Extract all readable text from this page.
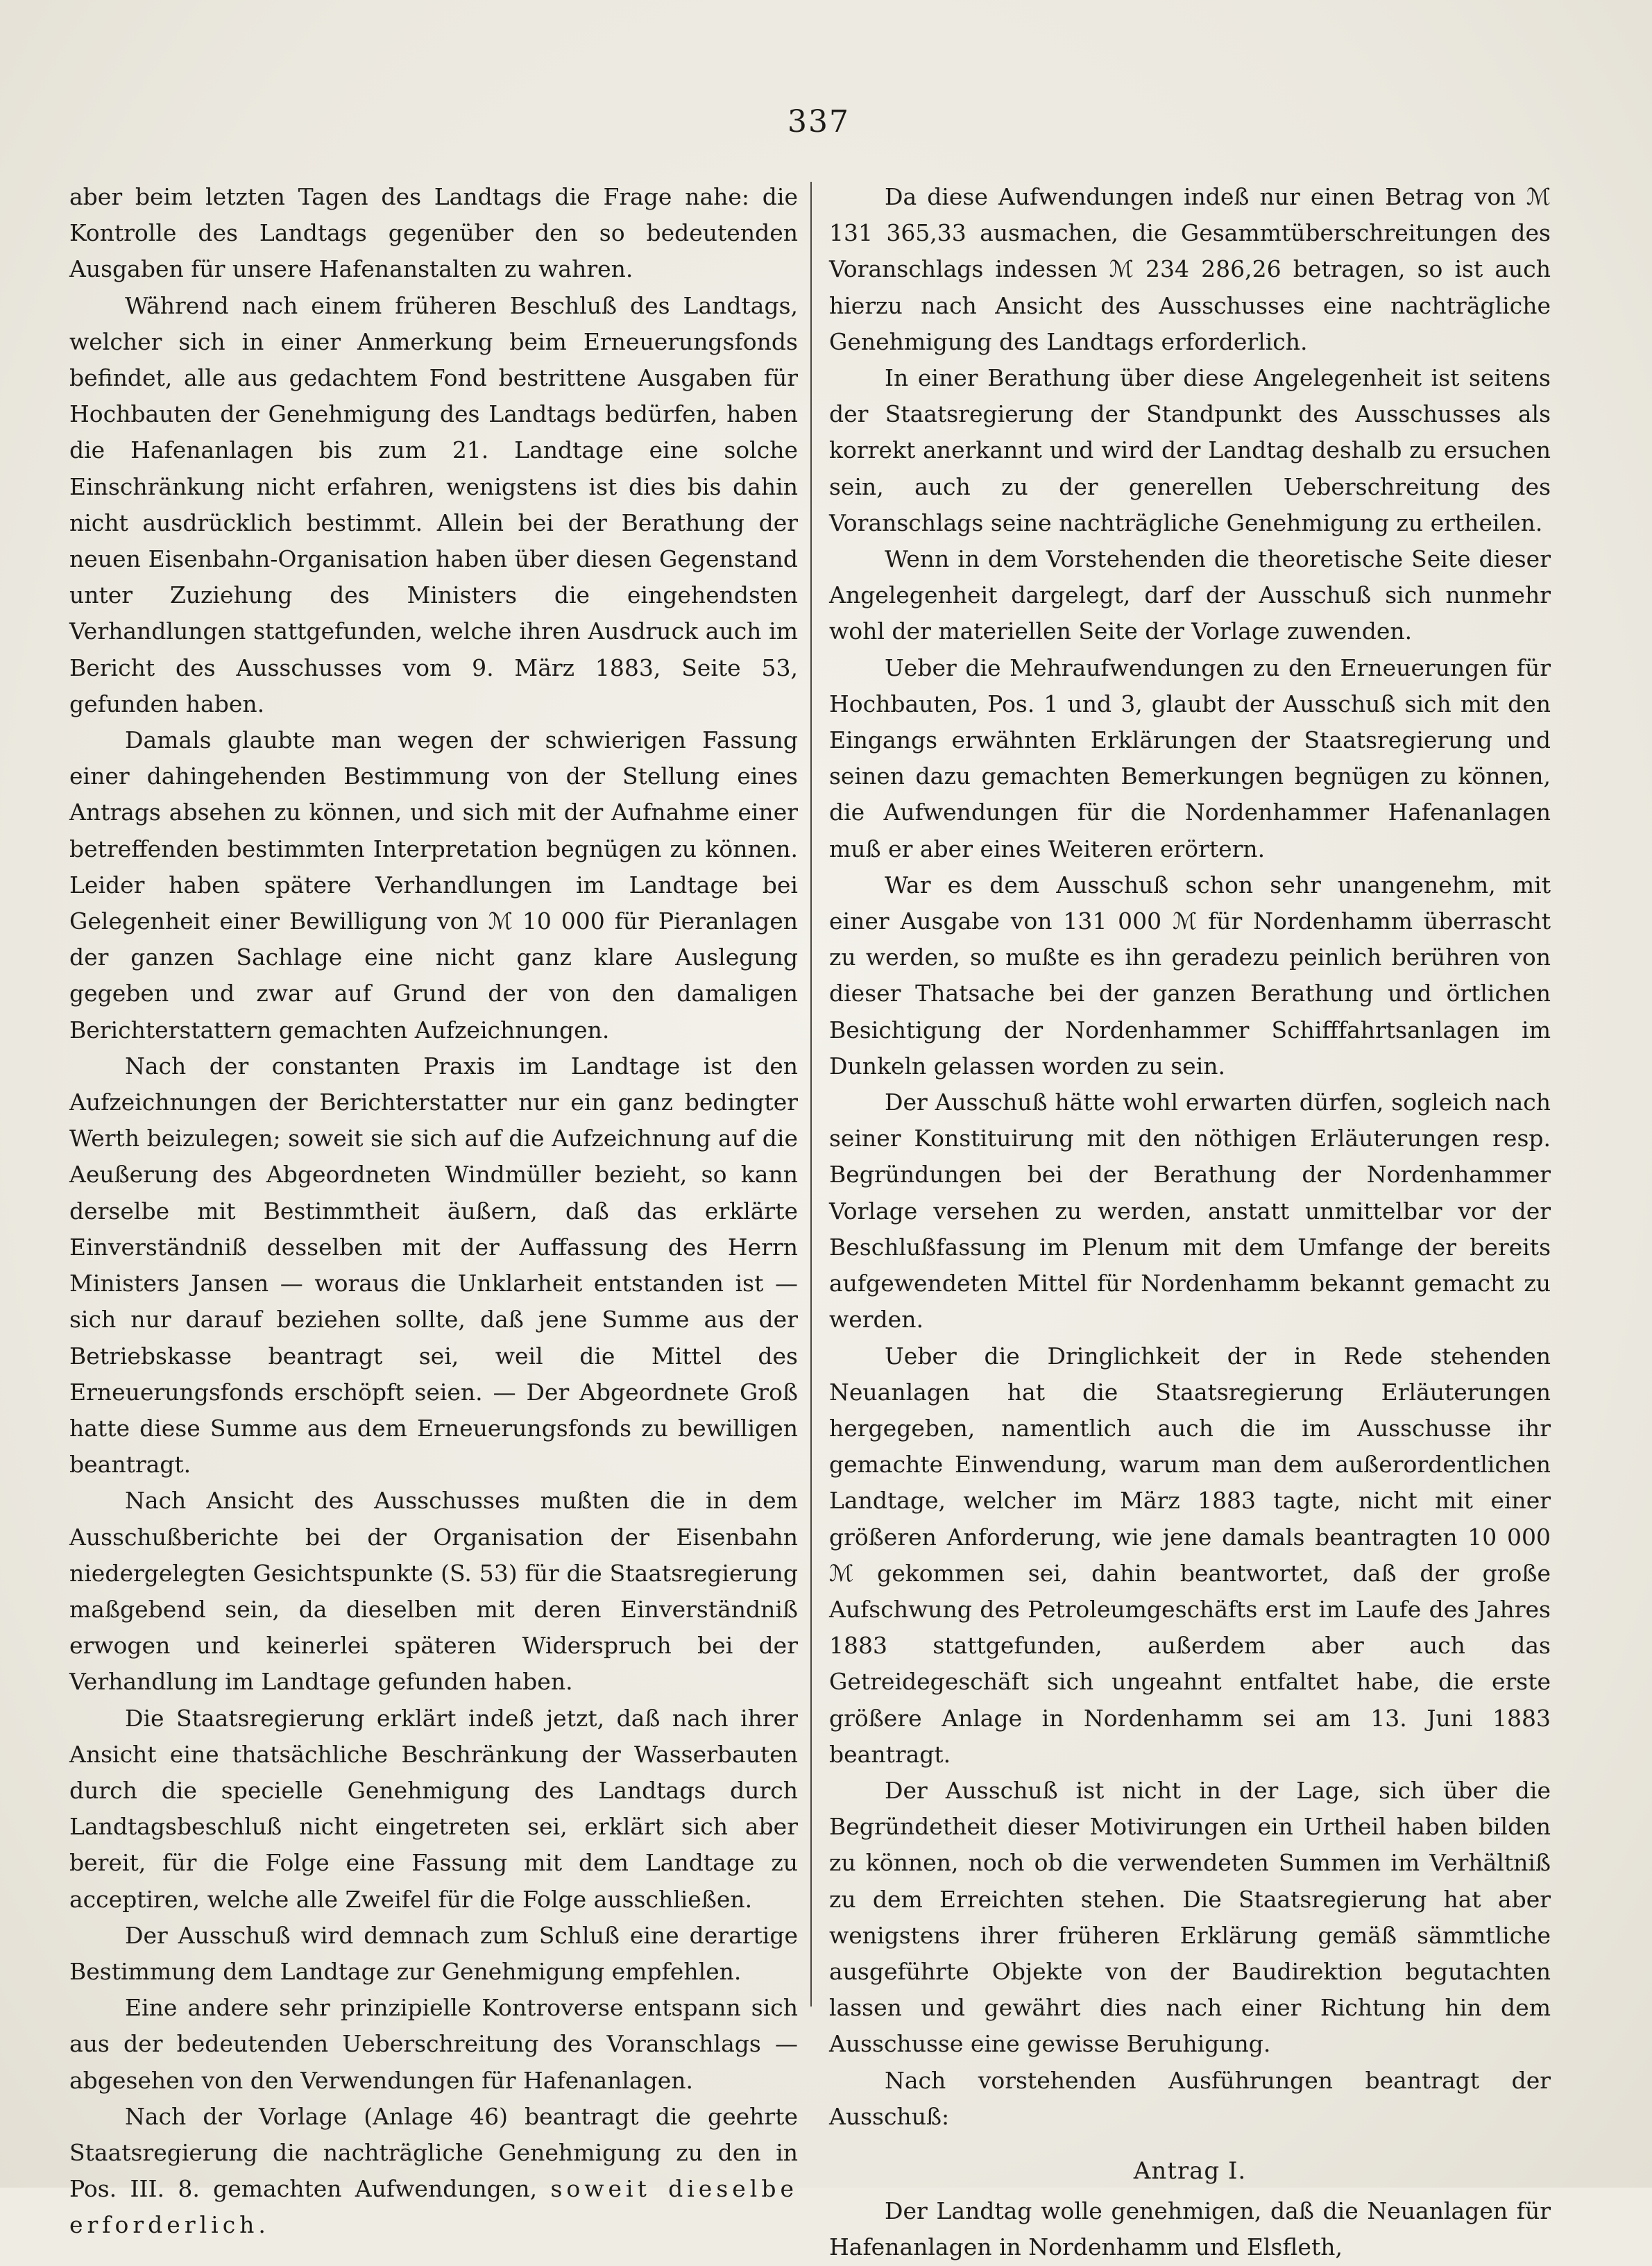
337

aber beim letzten Tagen des Landtags die Frage nahe: die Kontrolle des Landtags gegenüber den so bedeutenden Ausgaben für unsere Hafenanstalten zu wahren.

Während nach einem früheren Beschluß des Landtags, welcher sich in einer Anmerkung beim Erneuerungsfonds befindet, alle aus gedachtem Fond bestrittene Ausgaben für Hochbauten der Genehmigung des Landtags bedürfen, haben die Hafenanlagen bis zum 21. Landtage eine solche Einschränkung nicht erfahren, wenigstens ist dies bis dahin nicht ausdrücklich bestimmt. Allein bei der Berathung der neuen Eisenbahn-Organisation haben über diesen Gegenstand unter Zuziehung des Ministers die eingehendsten Verhandlungen stattgefunden, welche ihren Ausdruck auch im Bericht des Ausschusses vom 9. März 1883, Seite 53, gefunden haben.

Damals glaubte man wegen der schwierigen Fassung einer dahingehenden Bestimmung von der Stellung eines Antrags absehen zu können, und sich mit der Aufnahme einer betreffenden bestimmten Interpretation begnügen zu können. Leider haben spätere Verhandlungen im Landtage bei Gelegenheit einer Bewilligung von ℳ 10 000 für Pieranlagen der ganzen Sachlage eine nicht ganz klare Auslegung gegeben und zwar auf Grund der von den damaligen Berichterstattern gemachten Aufzeichnungen.

Nach der constanten Praxis im Landtage ist den Aufzeichnungen der Berichterstatter nur ein ganz bedingter Werth beizulegen; soweit sie sich auf die Aufzeichnung auf die Aeußerung des Abgeordneten Windmüller bezieht, so kann derselbe mit Bestimmtheit äußern, daß das erklärte Einverständniß desselben mit der Auffassung des Herrn Ministers Jansen — woraus die Unklarheit entstanden ist — sich nur darauf beziehen sollte, daß jene Summe aus der Betriebskasse beantragt sei, weil die Mittel des Erneuerungsfonds erschöpft seien. — Der Abgeordnete Groß hatte diese Summe aus dem Erneuerungsfonds zu bewilligen beantragt.

Nach Ansicht des Ausschusses mußten die in dem Ausschußberichte bei der Organisation der Eisenbahn niedergelegten Gesichtspunkte (S. 53) für die Staatsregierung maßgebend sein, da dieselben mit deren Einverständniß erwogen und keinerlei späteren Widerspruch bei der Verhandlung im Landtage gefunden haben.

Die Staatsregierung erklärt indeß jetzt, daß nach ihrer Ansicht eine thatsächliche Beschränkung der Wasserbauten durch die specielle Genehmigung des Landtags durch Landtagsbeschluß nicht eingetreten sei, erklärt sich aber bereit, für die Folge eine Fassung mit dem Landtage zu acceptiren, welche alle Zweifel für die Folge ausschließen.

Der Ausschuß wird demnach zum Schluß eine derartige Bestimmung dem Landtage zur Genehmigung empfehlen.

Eine andere sehr prinzipielle Kontroverse entspann sich aus der bedeutenden Ueberschreitung des Voranschlags — abgesehen von den Verwendungen für Hafenanlagen.

Nach der Vorlage (Anlage 46) beantragt die geehrte Staatsregierung die nachträgliche Genehmigung zu den in Pos. III. 8. gemachten Aufwendungen, soweit dieselbe erforderlich.

Da diese Aufwendungen indeß nur einen Betrag von ℳ 131 365,33 ausmachen, die Gesammtüberschreitungen des Voranschlags indessen ℳ 234 286,26 betragen, so ist auch hierzu nach Ansicht des Ausschusses eine nachträgliche Genehmigung des Landtags erforderlich.

In einer Berathung über diese Angelegenheit ist seitens der Staatsregierung der Standpunkt des Ausschusses als korrekt anerkannt und wird der Landtag deshalb zu ersuchen sein, auch zu der generellen Ueberschreitung des Voranschlags seine nachträgliche Genehmigung zu ertheilen.

Wenn in dem Vorstehenden die theoretische Seite dieser Angelegenheit dargelegt, darf der Ausschuß sich nunmehr wohl der materiellen Seite der Vorlage zuwenden.

Ueber die Mehraufwendungen zu den Erneuerungen für Hochbauten, Pos. 1 und 3, glaubt der Ausschuß sich mit den Eingangs erwähnten Erklärungen der Staatsregierung und seinen dazu gemachten Bemerkungen begnügen zu können, die Aufwendungen für die Nordenhammer Hafenanlagen muß er aber eines Weiteren erörtern.

War es dem Ausschuß schon sehr unangenehm, mit einer Ausgabe von 131 000 ℳ für Nordenhamm überrascht zu werden, so mußte es ihn geradezu peinlich berühren von dieser Thatsache bei der ganzen Berathung und örtlichen Besichtigung der Nordenhammer Schifffahrtsanlagen im Dunkeln gelassen worden zu sein.

Der Ausschuß hätte wohl erwarten dürfen, sogleich nach seiner Konstituirung mit den nöthigen Erläuterungen resp. Begründungen bei der Berathung der Nordenhammer Vorlage versehen zu werden, anstatt unmittelbar vor der Beschlußfassung im Plenum mit dem Umfange der bereits aufgewendeten Mittel für Nordenhamm bekannt gemacht zu werden.

Ueber die Dringlichkeit der in Rede stehenden Neuanlagen hat die Staatsregierung Erläuterungen hergegeben, namentlich auch die im Ausschusse ihr gemachte Einwendung, warum man dem außerordentlichen Landtage, welcher im März 1883 tagte, nicht mit einer größeren Anforderung, wie jene damals beantragten 10 000 ℳ gekommen sei, dahin beantwortet, daß der große Aufschwung des Petroleumgeschäfts erst im Laufe des Jahres 1883 stattgefunden, außerdem aber auch das Getreidegeschäft sich ungeahnt entfaltet habe, die erste größere Anlage in Nordenhamm sei am 13. Juni 1883 beantragt.

Der Ausschuß ist nicht in der Lage, sich über die Begründetheit dieser Motivirungen ein Urtheil haben bilden zu können, noch ob die verwendeten Summen im Verhältniß zu dem Erreichten stehen. Die Staatsregierung hat aber wenigstens ihrer früheren Erklärung gemäß sämmtliche ausgeführte Objekte von der Baudirektion begutachten lassen und gewährt dies nach einer Richtung hin dem Ausschusse eine gewisse Beruhigung.

Nach vorstehenden Ausführungen beantragt der Ausschuß:

Antrag I.

Der Landtag wolle genehmigen, daß die Neuanlagen für Hafenanlagen in Nordenhamm und Elsfleth,
